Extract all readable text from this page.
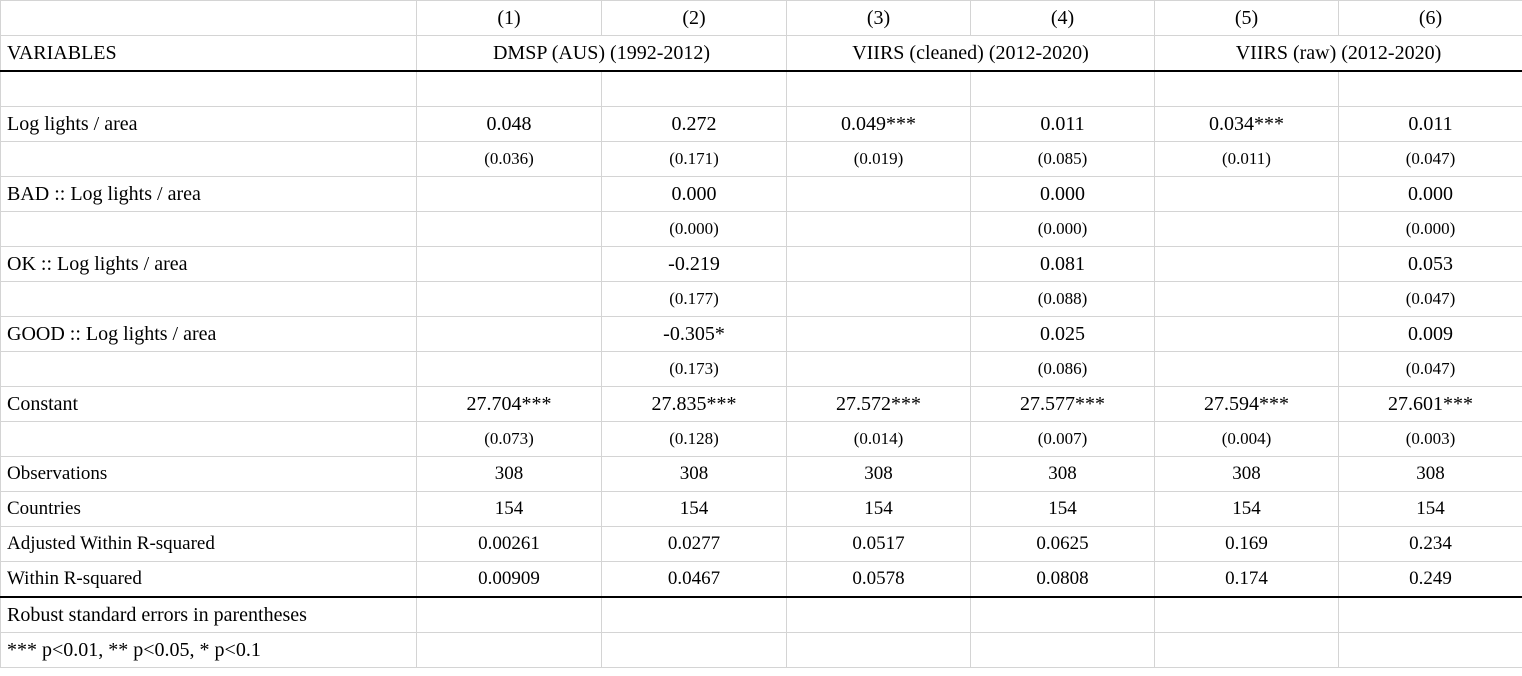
	(1)	(2)	(3)	(4)	(5)	(6)
VARIABLES	DMSP (AUS) (1992-2012)		VIIRS (cleaned) (2012-2020)		VIIRS (raw) (2012-2020)	

Log lights / area	0.048	0.272	0.049***	0.011	0.034***	0.011
	(0.036)	(0.171)	(0.019)	(0.085)	(0.011)	(0.047)
BAD :: Log lights / area		0.000		0.000		0.000
		(0.000)		(0.000)		(0.000)
OK :: Log lights / area		-0.219		0.081		0.053
		(0.177)		(0.088)		(0.047)
GOOD :: Log lights / area		-0.305*		0.025		0.009
		(0.173)		(0.086)		(0.047)
Constant	27.704***	27.835***	27.572***	27.577***	27.594***	27.601***
	(0.073)	(0.128)	(0.014)	(0.007)	(0.004)	(0.003)
Observations	308	308	308	308	308	308
Countries	154	154	154	154	154	154
Adjusted Within R-squared	0.00261	0.0277	0.0517	0.0625	0.169	0.234
Within R-squared	0.00909	0.0467	0.0578	0.0808	0.174	0.249
Robust standard errors in parentheses						
*** p<0.01, ** p<0.05, * p<0.1						
